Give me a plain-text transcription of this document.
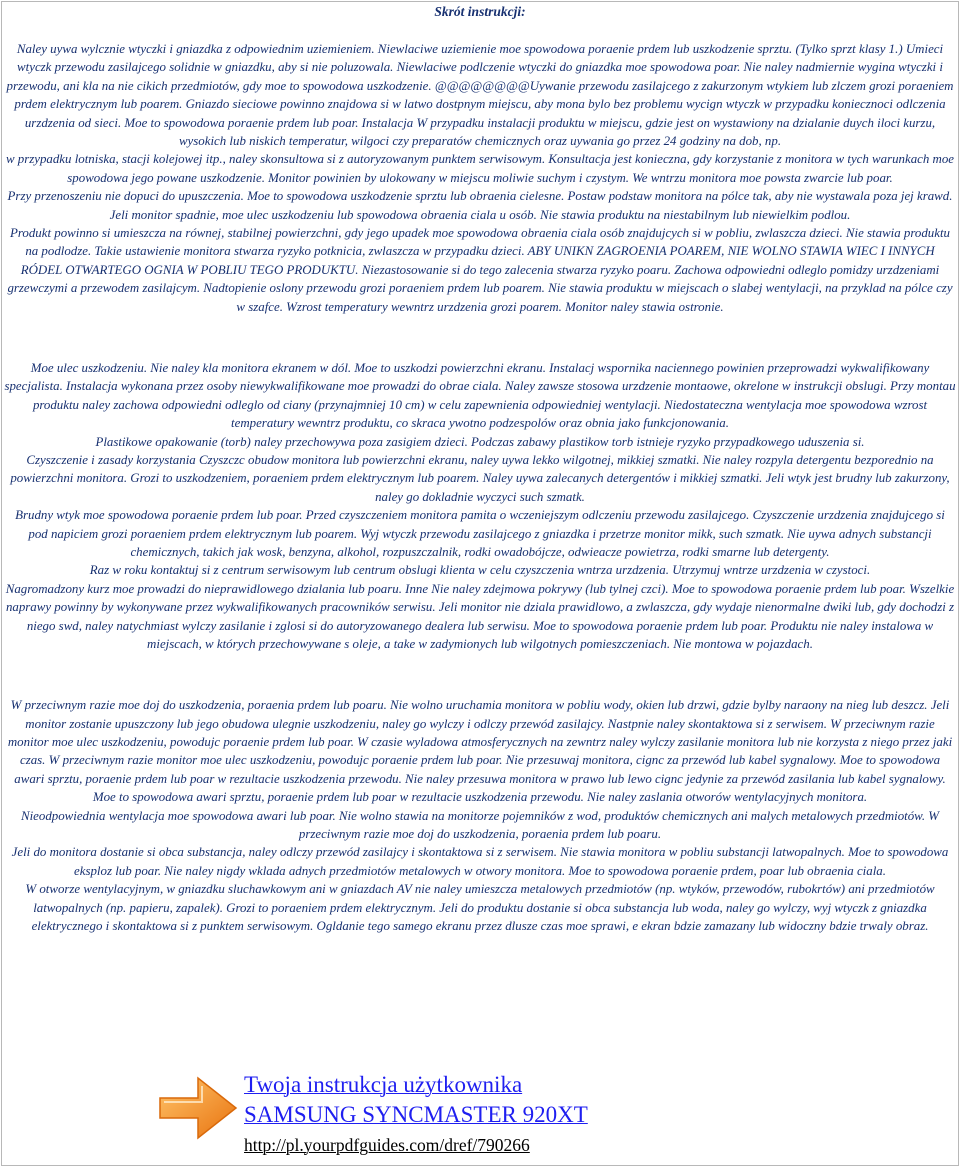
Skrót instrukcji:

Naley uywa wylcznie wtyczki i gniazdka z odpowiednim uziemieniem. Niewlaciwe uziemienie moe spowodowa poraenie prdem lub uszkodzenie sprztu. (Tylko sprzt klasy 1.) Umieci wtyczk przewodu zasilajcego solidnie w gniazdku, aby si nie poluzowala. Niewlaciwe podlczenie wtyczki do gniazdka moe spowodowa poar. Nie naley nadmiernie wygina wtyczki i przewodu, ani kla na nie cikich przedmiotów, gdy moe to spowodowa uszkodzenie. @@@@@@@@Uywanie przewodu zasilajcego z zakurzonym wtykiem lub zlczem grozi poraeniem prdem elektrycznym lub poarem. Gniazdo sieciowe powinno znajdowa si w latwo dostpnym miejscu, aby mona bylo bez problemu wycign wtyczk w przypadku koniecznoci odlczenia urzdzenia od sieci. Moe to spowodowa poraenie prdem lub poar. Instalacja W przypadku instalacji produktu w miejscu, gdzie jest on wystawiony na dzialanie duych iloci kurzu, wysokich lub niskich temperatur, wilgoci czy preparatów chemicznych oraz uywania go przez 24 godziny na dob, np.

w przypadku lotniska, stacji kolejowej itp., naley skonsultowa si z autoryzowanym punktem serwisowym. Konsultacja jest konieczna, gdy korzystanie z monitora w tych warunkach moe spowodowa jego powane uszkodzenie. Monitor powinien by ulokowany w miejscu moliwie suchym i czystym. We wntrzu monitora moe powsta zwarcie lub poar.

Przy przenoszeniu nie dopuci do upuszczenia. Moe to spowodowa uszkodzenie sprztu lub obraenia cielesne. Postaw podstaw monitora na pólce tak, aby nie wystawala poza jej krawd. Jeli monitor spadnie, moe ulec uszkodzeniu lub spowodowa obraenia ciala u osób. Nie stawia produktu na niestabilnym lub niewielkim podlou.

Produkt powinno si umieszcza na równej, stabilnej powierzchni, gdy jego upadek moe spowodowa obraenia ciala osób znajdujcych si w pobliu, zwlaszcza dzieci. Nie stawia produktu na podlodze. Takie ustawienie monitora stwarza ryzyko potknicia, zwlaszcza w przypadku dzieci. ABY UNIKN ZAGROENIA POAREM, NIE WOLNO STAWIA WIEC I INNYCH RÓDEL OTWARTEGO OGNIA W POBLIU TEGO PRODUKTU. Niezastosowanie si do tego zalecenia stwarza ryzyko poaru. Zachowa odpowiedni odleglo pomidzy urzdzeniami grzewczymi a przewodem zasilajcym. Nadtopienie oslony przewodu grozi poraeniem prdem lub poarem. Nie stawia produktu w miejscach o slabej wentylacji, na przyklad na pólce czy w szafce. Wzrost temperatury wewntrz urzdzenia grozi poarem. Monitor naley stawia ostronie.

Moe ulec uszkodzeniu. Nie naley kla monitora ekranem w dól. Moe to uszkodzi powierzchni ekranu. Instalacj wspornika naciennego powinien przeprowadzi wykwalifikowany specjalista. Instalacja wykonana przez osoby niewykwalifikowane moe prowadzi do obrae ciala. Naley zawsze stosowa urzdzenie montaowe, okrelone w instrukcji obslugi. Przy montau produktu naley zachowa odpowiedni odleglo od ciany (przynajmniej 10 cm) w celu zapewnienia odpowiedniej wentylacji. Niedostateczna wentylacja moe spowodowa wzrost temperatury wewntrz produktu, co skraca ywotno podzespolów oraz obnia jako funkcjonowania.

Plastikowe opakowanie (torb) naley przechowywa poza zasigiem dzieci. Podczas zabawy plastikow torb istnieje ryzyko przypadkowego uduszenia si.

Czyszczenie i zasady korzystania Czyszczc obudow monitora lub powierzchni ekranu, naley uywa lekko wilgotnej, mikkiej szmatki. Nie naley rozpyla detergentu bezporednio na powierzchni monitora. Grozi to uszkodzeniem, poraeniem prdem elektrycznym lub poarem. Naley uywa zalecanych detergentów i mikkiej szmatki. Jeli wtyk jest brudny lub zakurzony, naley go dokladnie wyczyci such szmatk.

Brudny wtyk moe spowodowa poraenie prdem lub poar. Przed czyszczeniem monitora pamita o wczeniejszym odlczeniu przewodu zasilajcego. Czyszczenie urzdzenia znajdujcego si pod napiciem grozi poraeniem prdem elektrycznym lub poarem. Wyj wtyczk przewodu zasilajcego z gniazdka i przetrze monitor mikk, such szmatk. Nie uywa adnych substancji chemicznych, takich jak wosk, benzyna, alkohol, rozpuszczalnik, rodki owadobójcze, odwieacze powietrza, rodki smarne lub detergenty.

Raz w roku kontaktuj si z centrum serwisowym lub centrum obslugi klienta w celu czyszczenia wntrza urzdzenia. Utrzymuj wntrze urzdzenia w czystoci.

Nagromadzony kurz moe prowadzi do nieprawidlowego dzialania lub poaru. Inne Nie naley zdejmowa pokrywy (lub tylnej czci). Moe to spowodowa poraenie prdem lub poar. Wszelkie naprawy powinny by wykonywane przez wykwalifikowanych pracowników serwisu. Jeli monitor nie dziala prawidlowo, a zwlaszcza, gdy wydaje nienormalne dwiki lub, gdy dochodzi z niego swd, naley natychmiast wylczy zasilanie i zglosi si do autoryzowanego dealera lub serwisu. Moe to spowodowa poraenie prdem lub poar. Produktu nie naley instalowa w miejscach, w których przechowywane s oleje, a take w zadymionych lub wilgotnych pomieszczeniach. Nie montowa w pojazdach.

W przeciwnym razie moe doj do uszkodzenia, poraenia prdem lub poaru. Nie wolno uruchamia monitora w pobliu wody, okien lub drzwi, gdzie bylby naraony na nieg lub deszcz. Jeli monitor zostanie upuszczony lub jego obudowa ulegnie uszkodzeniu, naley go wylczy i odlczy przewód zasilajcy. Nastpnie naley skontaktowa si z serwisem. W przeciwnym razie monitor moe ulec uszkodzeniu, powodujc poraenie prdem lub poar. W czasie wyladowa atmosferycznych na zewntrz naley wylczy zasilanie monitora lub nie korzysta z niego przez jaki czas. W przeciwnym razie monitor moe ulec uszkodzeniu, powodujc poraenie prdem lub poar. Nie przesuwaj monitora, cignc za przewód lub kabel sygnalowy. Moe to spowodowa awari sprztu, poraenie prdem lub poar w rezultacie uszkodzenia przewodu. Nie naley przesuwa monitora w prawo lub lewo cignc jedynie za przewód zasilania lub kabel sygnalowy.

Moe to spowodowa awari sprztu, poraenie prdem lub poar w rezultacie uszkodzenia przewodu. Nie naley zaslania otworów wentylacyjnych monitora.

Nieodpowiednia wentylacja moe spowodowa awari lub poar. Nie wolno stawia na monitorze pojemników z wod, produktów chemicznych ani malych metalowych przedmiotów. W przeciwnym razie moe doj do uszkodzenia, poraenia prdem lub poaru.

Jeli do monitora dostanie si obca substancja, naley odlczy przewód zasilajcy i skontaktowa si z serwisem. Nie stawia monitora w pobliu substancji latwopalnych. Moe to spowodowa eksploz lub poar. Nie naley nigdy wklada adnych przedmiotów metalowych w otwory monitora. Moe to spowodowa poraenie prdem, poar lub obraenia ciala.

W otworze wentylacyjnym, w gniazdku sluchawkowym ani w gniazdach AV nie naley umieszcza metalowych przedmiotów (np. wtyków, przewodów, rubokrtów) ani przedmiotów latwopalnych (np. papieru, zapalek). Grozi to poraeniem prdem elektrycznym. Jeli do produktu dostanie si obca substancja lub woda, naley go wylczy, wyj wtyczk z gniazdka elektrycznego i skontaktowa si z punktem serwisowym. Ogldanie tego samego ekranu przez dlusze czas moe sprawi, e ekran bdzie zamazany lub widoczny bdzie trwaly obraz.

Twoja instrukcja użytkownika
SAMSUNG SYNCMASTER 920XT
http://pl.yourpdfguides.com/dref/790266
